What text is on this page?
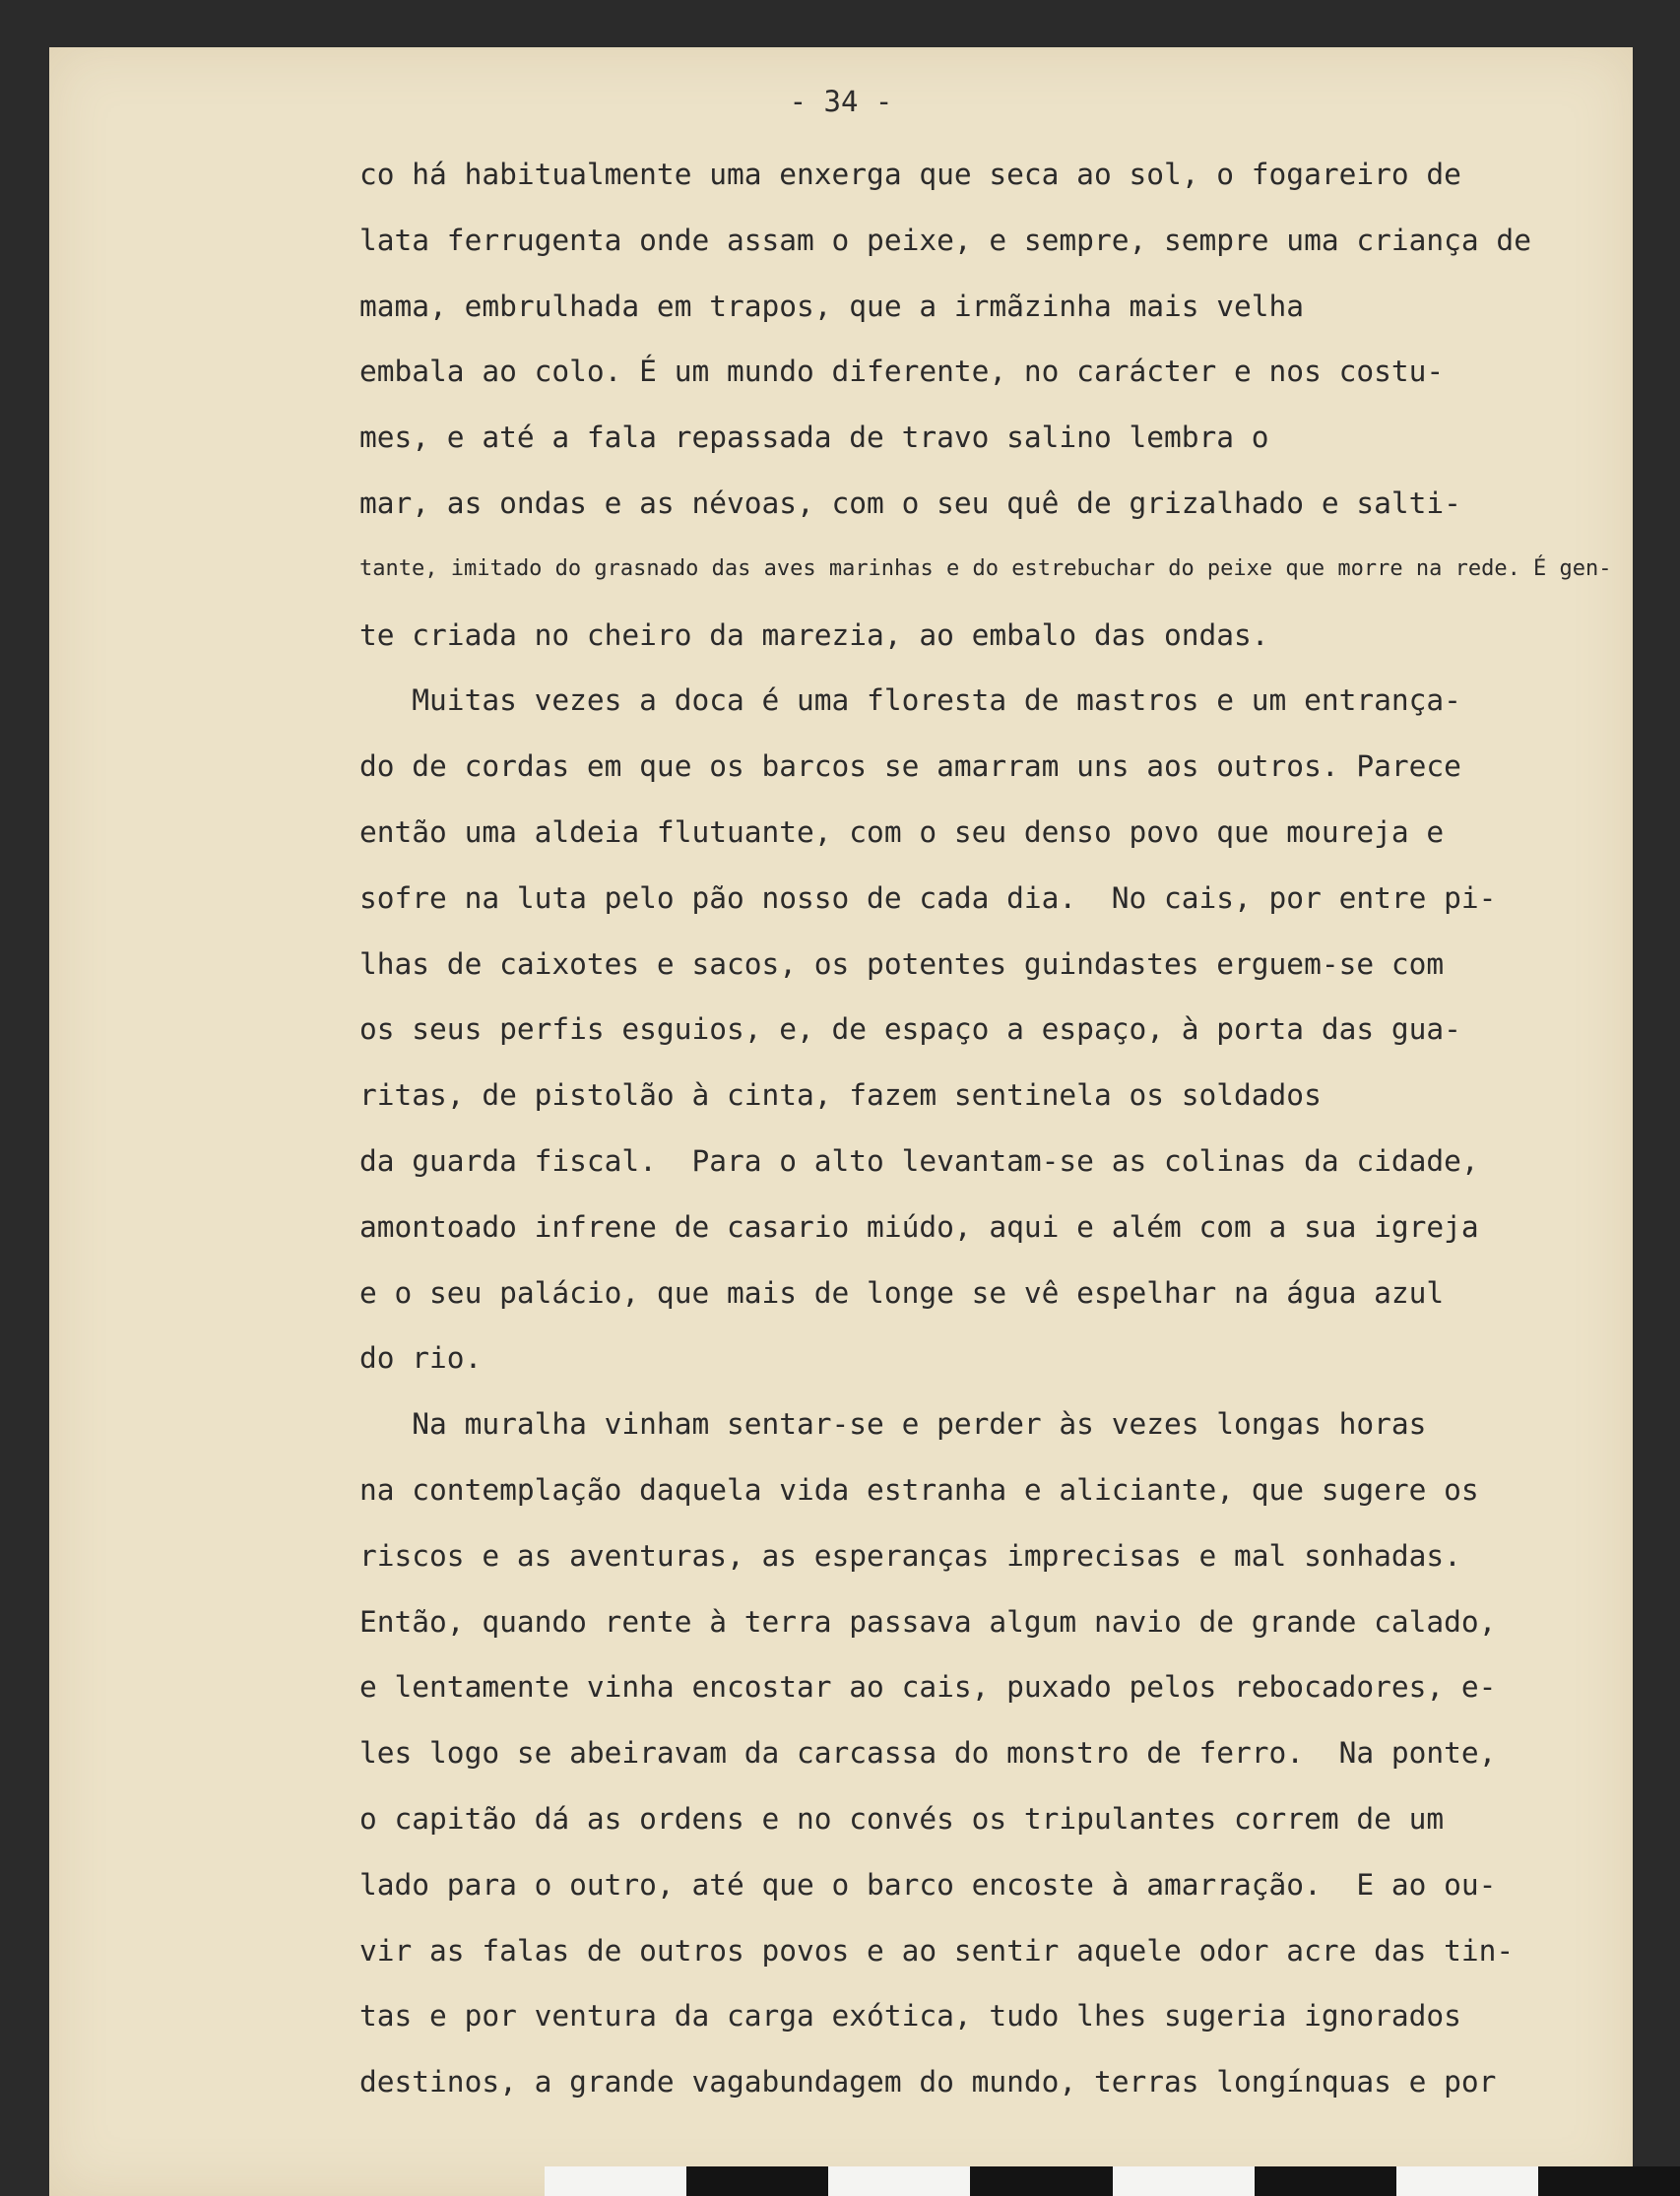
- 34 -
co há habitualmente uma enxerga que seca ao sol, o fogareiro de
lata ferrugenta onde assam o peixe, e sempre, sempre uma criança de
mama, embrulhada em trapos, que a irmãzinha mais velha
embala ao colo. É um mundo diferente, no carácter e nos costu-
mes, e até a fala repassada de travo salino lembra o
mar, as ondas e as névoas, com o seu quê de grizalhado e salti-
tante, imitado do grasnado das aves marinhas e do estrebuchar do peixe que morre na rede. É gen-
te criada no cheiro da marezia, ao embalo das ondas.
Muitas vezes a doca é uma floresta de mastros e um entrança-
do de cordas em que os barcos se amarram uns aos outros. Parece
então uma aldeia flutuante, com o seu denso povo que moureja e
sofre na luta pelo pão nosso de cada dia.  No cais, por entre pi-
lhas de caixotes e sacos, os potentes guindastes erguem-se com
os seus perfis esguios, e, de espaço a espaço, à porta das gua-
ritas, de pistolão à cinta, fazem sentinela os soldados
da guarda fiscal.  Para o alto levantam-se as colinas da cidade,
amontoado infrene de casario miúdo, aqui e além com a sua igreja
e o seu palácio, que mais de longe se vê espelhar na água azul
do rio.
Na muralha vinham sentar-se e perder às vezes longas horas
na contemplação daquela vida estranha e aliciante, que sugere os
riscos e as aventuras, as esperanças imprecisas e mal sonhadas.
Então, quando rente à terra passava algum navio de grande calado,
e lentamente vinha encostar ao cais, puxado pelos rebocadores, e-
les logo se abeiravam da carcassa do monstro de ferro.  Na ponte,
o capitão dá as ordens e no convés os tripulantes correm de um
lado para o outro, até que o barco encoste à amarração.  E ao ou-
vir as falas de outros povos e ao sentir aquele odor acre das tin-
tas e por ventura da carga exótica, tudo lhes sugeria ignorados
destinos, a grande vagabundagem do mundo, terras longínquas e por
